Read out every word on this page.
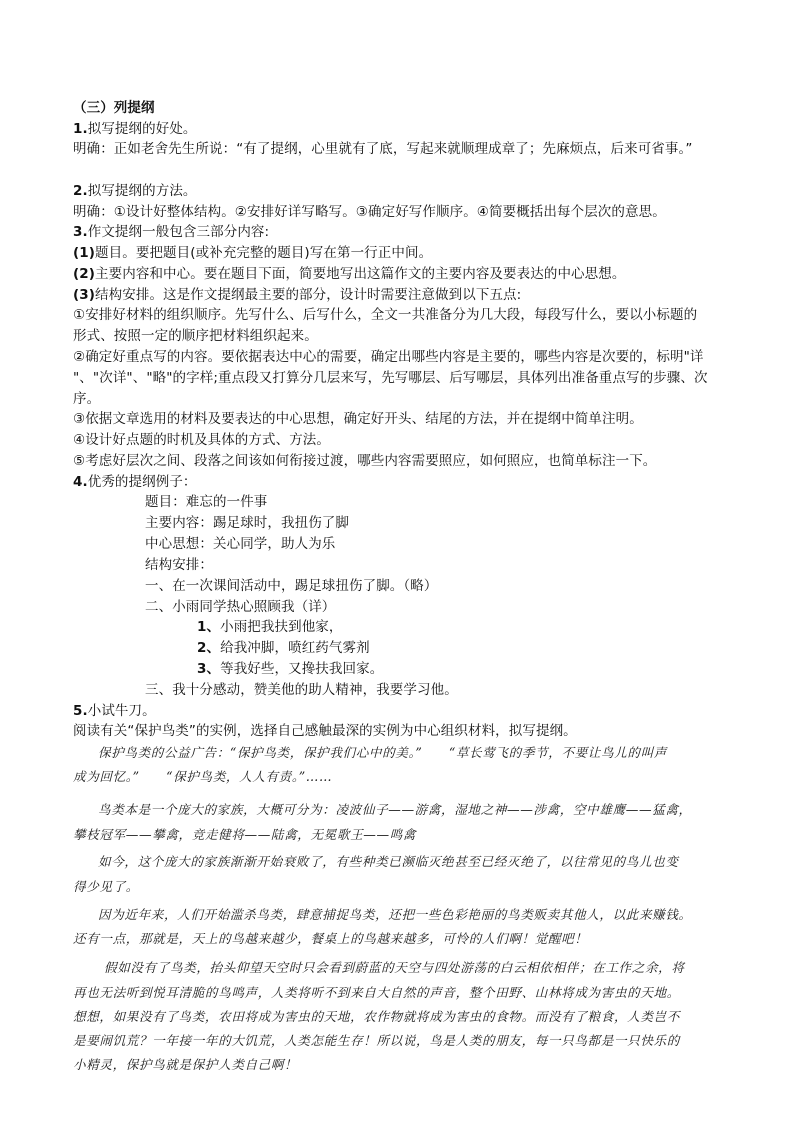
（三）列提纲
1.拟写提纲的好处。
明确：正如老舍先生所说：“有了提纲，心里就有了底，写起来就顺理成章了；先麻烦点，后来可省事。”
2.拟写提纲的方法。
明确：①设计好整体结构。②安排好详写略写。③确定好写作顺序。④简要概括出每个层次的意思。
3.作文提纲一般包含三部分内容:
(1)题目。要把题目(或补充完整的题目)写在第一行正中间。
(2)主要内容和中心。要在题目下面，简要地写出这篇作文的主要内容及要表达的中心思想。
(3)结构安排。这是作文提纲最主要的部分，设计时需要注意做到以下五点:
①安排好材料的组织顺序。先写什么、后写什么，全文一共准备分为几大段，每段写什么，要以小标题的
形式、按照一定的顺序把材料组织起来。
②确定好重点写的内容。要依据表达中心的需要，确定出哪些内容是主要的，哪些内容是次要的，标明"详
"、"次详"、"略"的字样;重点段又打算分几层来写，先写哪层、后写哪层，具体列出准备重点写的步骤、次
序。
③依据文章选用的材料及要表达的中心思想，确定好开头、结尾的方法，并在提纲中简单注明。
④设计好点题的时机及具体的方式、方法。
⑤考虑好层次之间、段落之间该如何衔接过渡，哪些内容需要照应，如何照应，也简单标注一下。
4.优秀的提纲例子：
题目：难忘的一件事
主要内容：踢足球时，我扭伤了脚
中心思想：关心同学，助人为乐
结构安排：
一、在一次课间活动中，踢足球扭伤了脚。（略）
二、小雨同学热心照顾我（详）
1、小雨把我扶到他家，
2、给我冲脚，喷红药气雾剂
3、等我好些，又搀扶我回家。
三、我十分感动，赞美他的助人精神，我要学习他。
5.小试牛刀。
阅读有关“保护鸟类”的实例，选择自己感触最深的实例为中心组织材料，拟写提纲。
保护鸟类的公益广告：“保护鸟类，保护我们心中的美。”　　“草长莺飞的季节，不要让鸟儿的叫声
成为回忆。”　　“保护鸟类，人人有责。”……
鸟类本是一个庞大的家族，大概可分为：凌波仙子——游禽，湿地之神——涉禽，空中雄鹰——猛禽，
攀枝冠军——攀禽，竞走健将——陆禽，无冕歌王——鸣禽
如今，这个庞大的家族渐渐开始衰败了，有些种类已濒临灭绝甚至已经灭绝了，以往常见的鸟儿也变
得少见了。
因为近年来，人们开始滥杀鸟类，肆意捕捉鸟类，还把一些色彩艳丽的鸟类贩卖其他人，以此来赚钱。
还有一点，那就是，天上的鸟越来越少，餐桌上的鸟越来越多，可怜的人们啊！觉醒吧！
假如没有了鸟类，抬头仰望天空时只会看到蔚蓝的天空与四处游荡的白云相依相伴；在工作之余，将
再也无法听到悦耳清脆的鸟鸣声，人类将听不到来自大自然的声音，整个田野、山林将成为害虫的天地。
想想，如果没有了鸟类，农田将成为害虫的天地，农作物就将成为害虫的食物。而没有了粮食，人类岂不
是要闹饥荒？一年接一年的大饥荒，人类怎能生存！所以说，鸟是人类的朋友，每一只鸟都是一只快乐的
小精灵，保护鸟就是保护人类自己啊！
